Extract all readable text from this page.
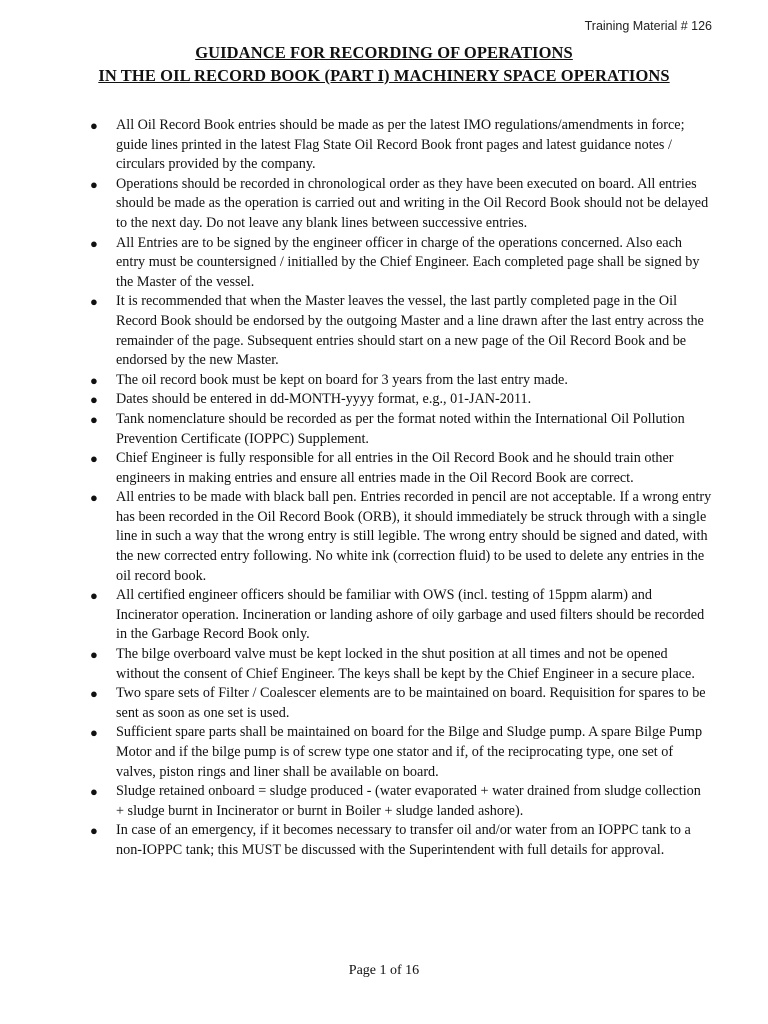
Training Material # 126
GUIDANCE FOR RECORDING OF OPERATIONS
IN THE OIL RECORD BOOK (PART I) MACHINERY SPACE OPERATIONS
● All Oil Record Book entries should be made as per the latest IMO regulations/amendments in force; guide lines printed in the latest Flag State Oil Record Book front pages and latest guidance notes / circulars provided by the company.
● Operations should be recorded in chronological order as they have been executed on board. All entries should be made as the operation is carried out and writing in the Oil Record Book should not be delayed to the next day. Do not leave any blank lines between successive entries.
● All Entries are to be signed by the engineer officer in charge of the operations concerned. Also each entry must be countersigned / initialled by the Chief Engineer. Each completed page shall be signed by the Master of the vessel.
● It is recommended that when the Master leaves the vessel, the last partly completed page in the Oil Record Book should be endorsed by the outgoing Master and a line drawn after the last entry across the remainder of the page. Subsequent entries should start on a new page of the Oil Record Book and be endorsed by the new Master.
● The oil record book must be kept on board for 3 years from the last entry made.
● Dates should be entered in dd-MONTH-yyyy format, e.g., 01-JAN-2011.
● Tank nomenclature should be recorded as per the format noted within the International Oil Pollution Prevention Certificate (IOPPC) Supplement.
● Chief Engineer is fully responsible for all entries in the Oil Record Book and he should train other engineers in making entries and ensure all entries made in the Oil Record Book are correct.
● All entries to be made with black ball pen. Entries recorded in pencil are not acceptable. If a wrong entry has been recorded in the Oil Record Book (ORB), it should immediately be struck through with a single line in such a way that the wrong entry is still legible. The wrong entry should be signed and dated, with the new corrected entry following. No white ink (correction fluid) to be used to delete any entries in the oil record book.
● All certified engineer officers should be familiar with OWS (incl. testing of 15ppm alarm) and Incinerator operation. Incineration or landing ashore of oily garbage and used filters should be recorded in the Garbage Record Book only.
● The bilge overboard valve must be kept locked in the shut position at all times and not be opened without the consent of Chief Engineer. The keys shall be kept by the Chief Engineer in a secure place.
● Two spare sets of Filter / Coalescer elements are to be maintained on board. Requisition for spares to be sent as soon as one set is used.
● Sufficient spare parts shall be maintained on board for the Bilge and Sludge pump. A spare Bilge Pump Motor and if the bilge pump is of screw type one stator and if, of the reciprocating type, one set of valves, piston rings and liner shall be available on board.
● Sludge retained onboard = sludge produced - (water evaporated + water drained from sludge collection + sludge burnt in Incinerator or burnt in Boiler + sludge landed ashore).
● In case of an emergency, if it becomes necessary to transfer oil and/or water from an IOPPC tank to a non-IOPPC tank; this MUST be discussed with the Superintendent with full details for approval.
Page 1 of 16
